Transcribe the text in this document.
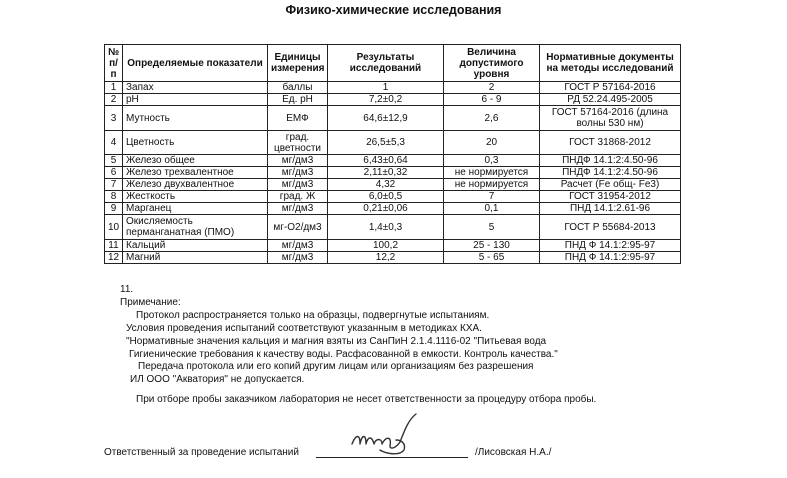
Физико-химические исследования
№ п/п	Определяемые показатели	Единицы измерения	Результаты исследований	Величина допустимого уровня	Нормативные документы на методы исследований
1	Запах	баллы	1	2	ГОСТ Р 57164-2016
2	pH	Ед. pH	7,2±0,2	6 - 9	РД 52.24.495-2005
3	Мутность	ЕМФ	64,6±12,9	2,6	ГОСТ 57164-2016 (длина волны 530 нм)
4	Цветность	град. цветности	26,5±5,3	20	ГОСТ 31868-2012
5	Железо общее	мг/дм3	6,43±0,64	0,3	ПНДФ 14.1:2:4.50-96
6	Железо трехвалентное	мг/дм3	2,11±0,32	не нормируется	ПНДФ 14.1:2:4.50-96
7	Железо двухвалентное	мг/дм3	4,32	не нормируется	Расчет (Fe общ- Fe3)
8	Жесткость	град. Ж	6,0±0,5	7	ГОСТ 31954-2012
9	Марганец	мг/дм3	0,21±0,06	0,1	ПНД 14.1:2.61-96
10	Окисляемость перманганатная (ПМО)	мг-О2/дм3	1,4±0,3	5	ГОСТ Р 55684-2013
11	Кальций	мг/дм3	100,2	25 - 130	ПНД Ф 14.1:2:95-97
12	Магний	мг/дм3	12,2	5 - 65	ПНД Ф 14.1:2:95-97
11.
Примечание:
Протокол распространяется только на образцы, подвергнутые испытаниям.
Условия проведения испытаний соответствуют указанным в методиках КХА.
"Нормативные значения кальция и магния взяты из СанПиН 2.1.4.1116-02 "Питьевая вода
Гигиенические требования к качеству воды. Расфасованной в емкости. Контроль качества."
Передача протокола или его копий другим лицам или организациям без разрешения
ИЛ ООО "Акватория" не допускается.
При отборе пробы заказчиком лаборатория не несет ответственности за процедуру отбора пробы.
Ответственный за проведение испытаний	/Лисовская Н.А./
